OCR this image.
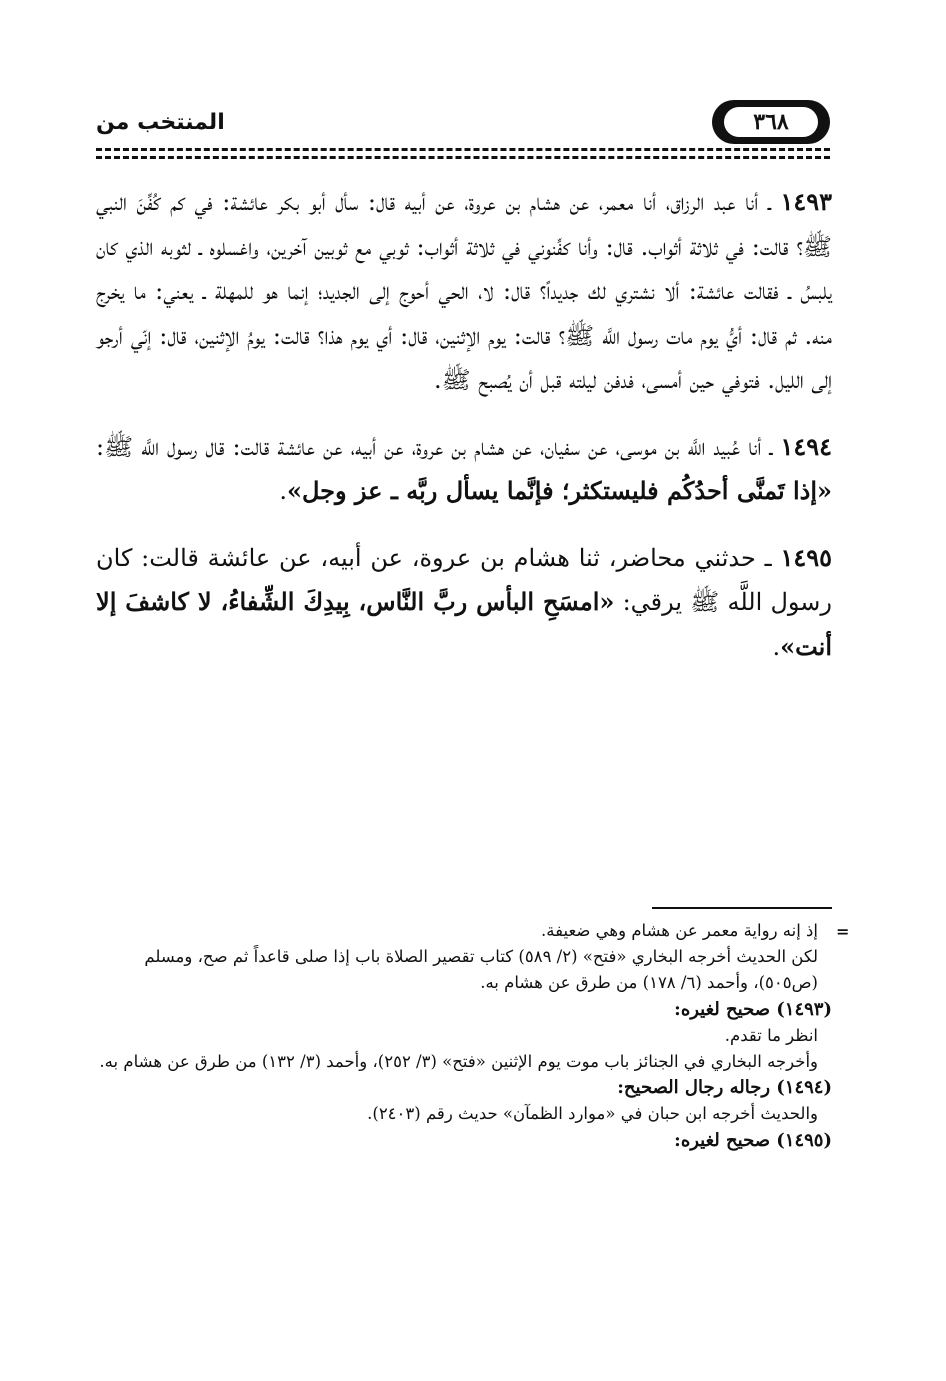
٣٦٨
المنتخب من

١٤٩٣ ـ أنا عبد الرزاق، أنا معمر، عن هشام بن عروة، عن أبيه قال: سأل أبو بكر عائشة: في كم كُفِّنَ النبي ﷺ؟ قالت: في ثلاثة أثواب. قال: وأنا كفِّنوني في ثلاثة أثواب: ثوبي مع ثوبين آخرين، واغسلوه ـ لثوبه الذي كان يلبسُ ـ فقالت عائشة: ألا نشتري لك جديداً؟ قال: لا، الحي أحوج إلى الجديد؛ إنما هو للمهلة ـ يعني: ما يخرج منه. ثم قال: أيُّ يوم مات رسول اللَّه ﷺ؟ قالت: يوم الإثنين، قال: أي يوم هذا؟ قالت: يومُ الإثنين، قال: إنّي أرجو إلى الليل. فتوفي حين أمسى، فدفن ليلته قبل أن يُصبح ﷺ.

١٤٩٤ ـ أنا عُبيد اللَّه بن موسى، عن سفيان، عن هشام بن عروة، عن أبيه، عن عائشة قالت: قال رسول اللَّه ﷺ: «إذا تَمنَّى أحدُكُم فليستكثر؛ فإنَّما يسأل ربَّه ـ عز وجل».

١٤٩٥ ـ حدثني محاضر، ثنا هشام بن عروة، عن أبيه، عن عائشة قالت: كان رسول اللَّه ﷺ يرقي: «امسَحِ البأس ربَّ النَّاس، بِيدِكَ الشِّفاءُ، لا كاشفَ إلا أنت».

=

إذ إنه رواية معمر عن هشام وهي ضعيفة.

لكن الحديث أخرجه البخاري «فتح» (٢/ ٥٨٩) كتاب تقصير الصلاة باب إذا صلى قاعداً ثم صح، ومسلم (ص٥٠٥)، وأحمد (٦/ ١٧٨) من طرق عن هشام به.

(١٤٩٣) صحيح لغيره:

انظر ما تقدم.

وأخرجه البخاري في الجنائز باب موت يوم الإثنين «فتح» (٣/ ٢٥٢)، وأحمد (٣/ ١٣٢) من طرق عن هشام به.

(١٤٩٤) رجاله رجال الصحيح:

والحديث أخرجه ابن حبان في «موارد الظمآن» حديث رقم (٢٤٠٣).

(١٤٩٥) صحيح لغيره:
